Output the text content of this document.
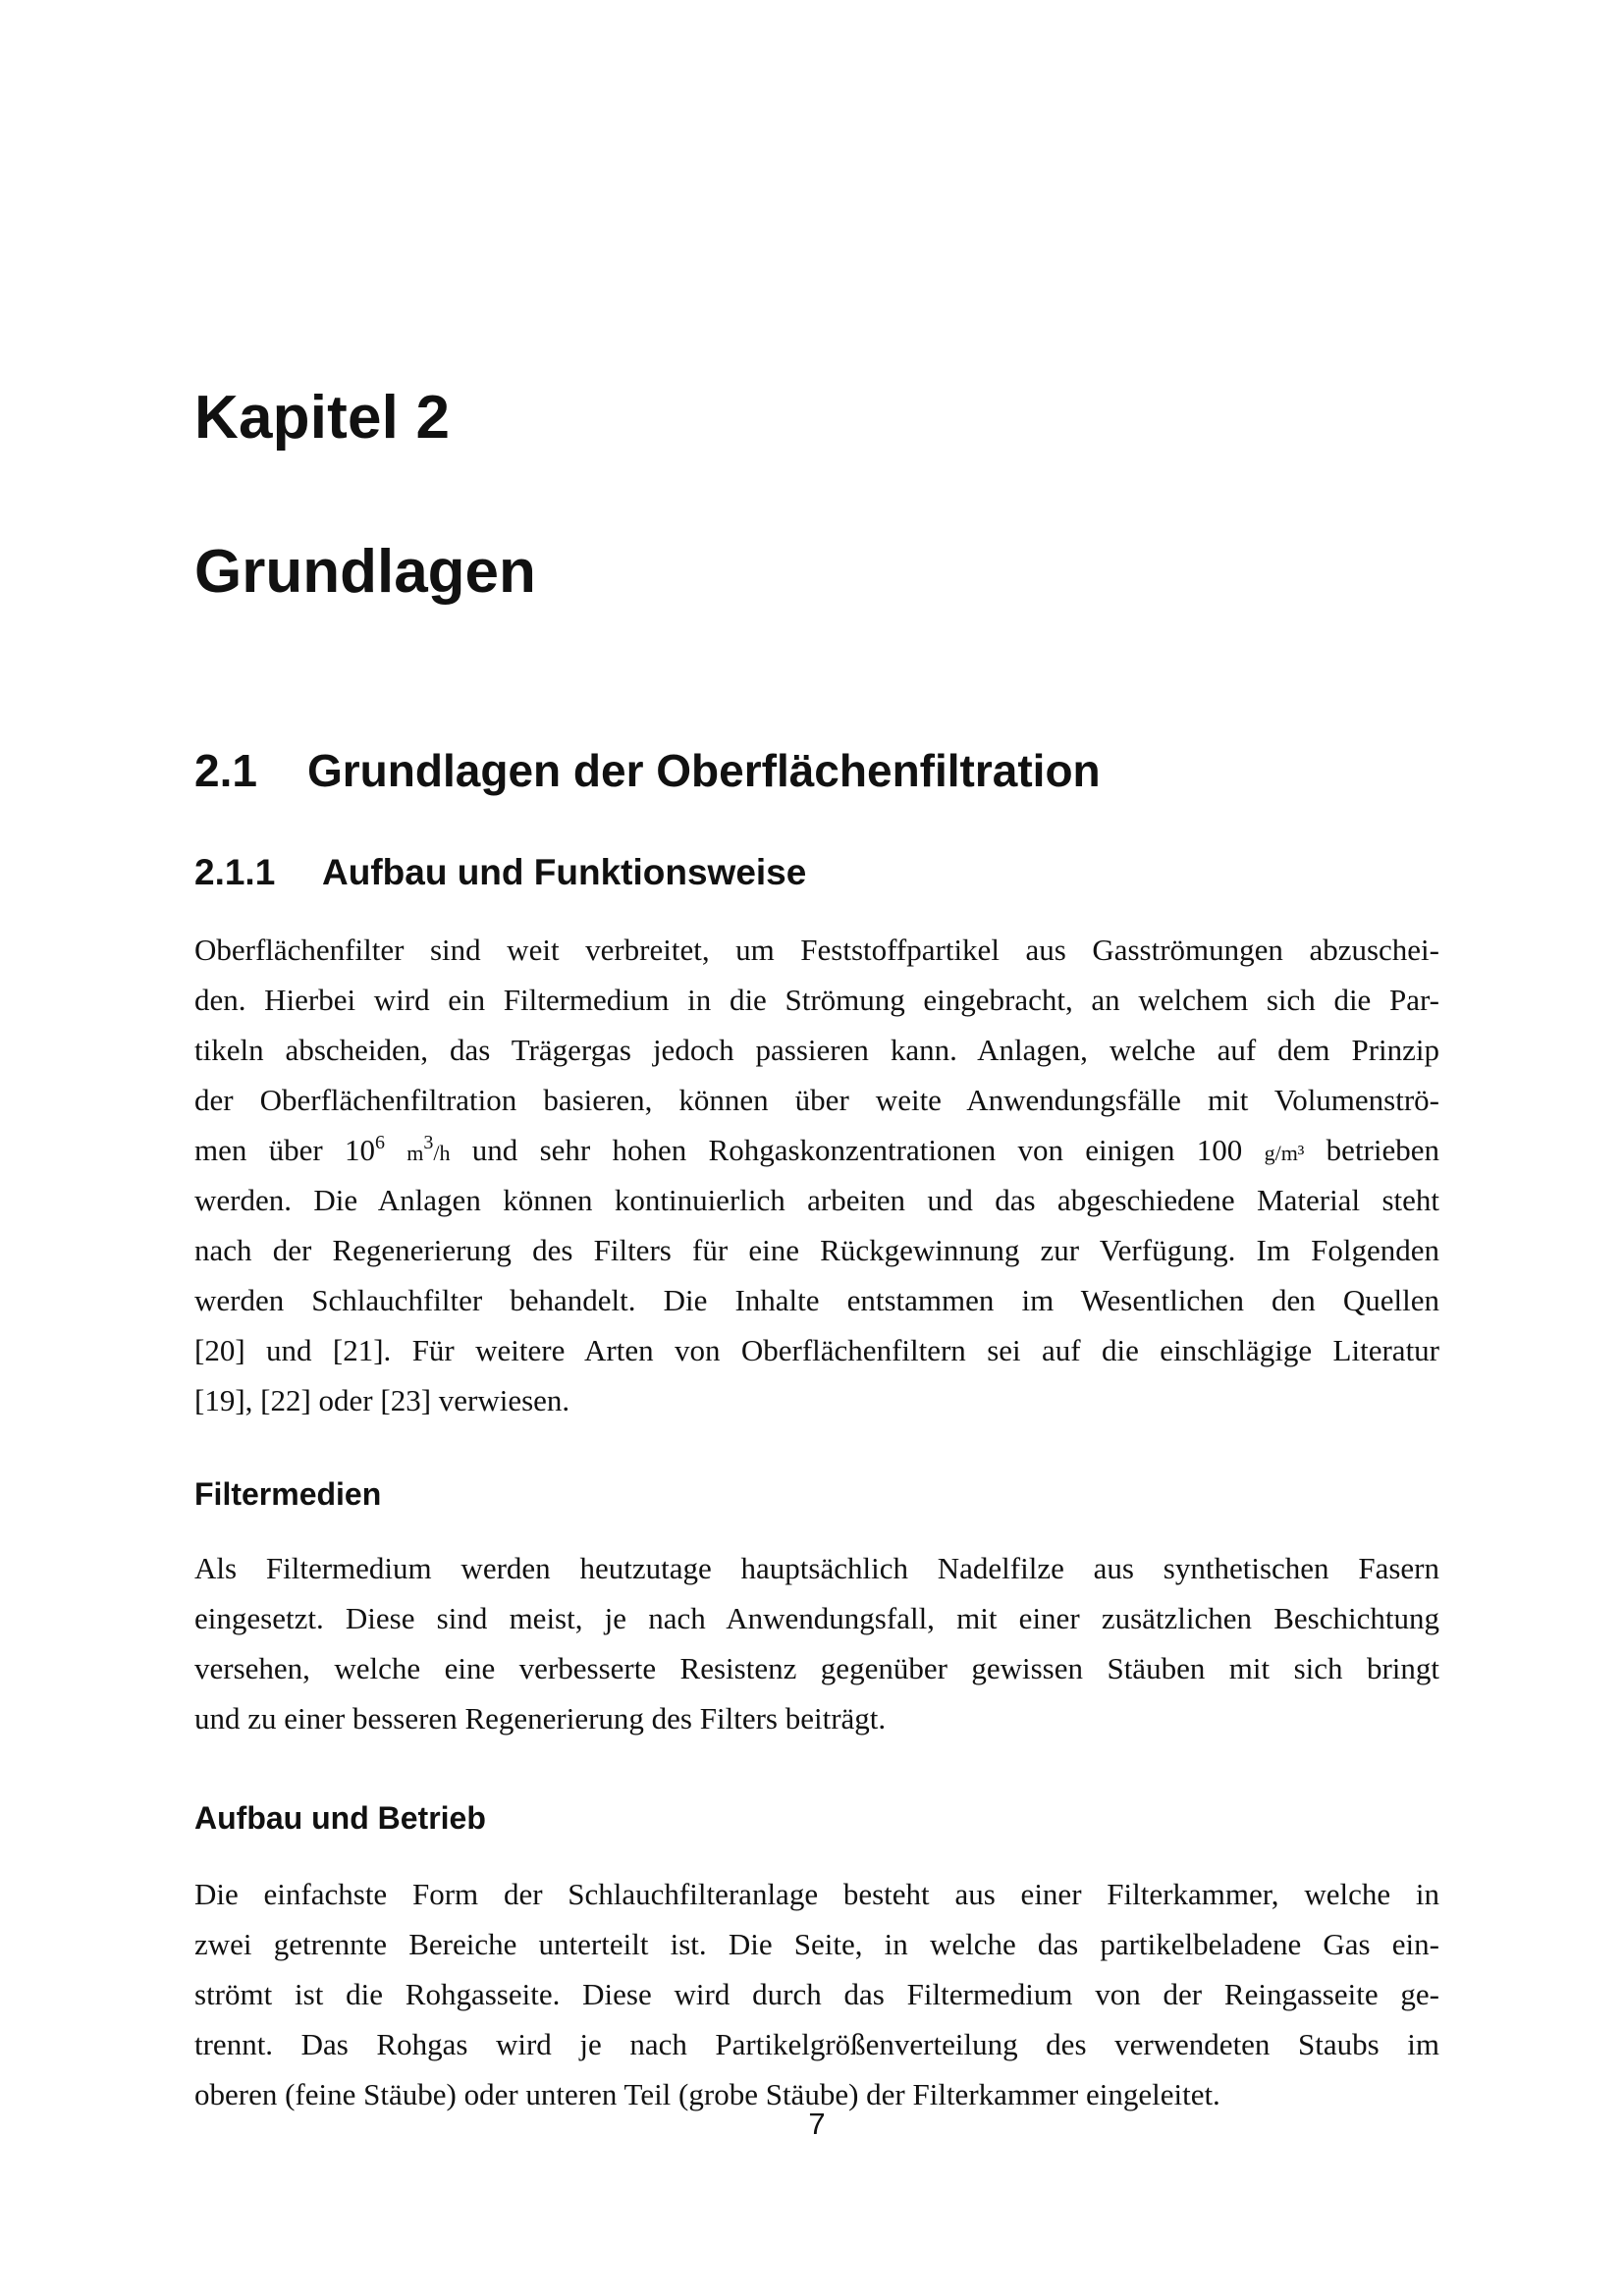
Kapitel 2
Grundlagen
2.1 Grundlagen der Oberflächenfiltration
2.1.1 Aufbau und Funktionsweise
Oberflächenfilter sind weit verbreitet, um Feststoffpartikel aus Gasströmungen abzuschei-
den. Hierbei wird ein Filtermedium in die Strömung eingebracht, an welchem sich die Par-
tikeln abscheiden, das Trägergas jedoch passieren kann. Anlagen, welche auf dem Prinzip
der Oberflächenfiltration basieren, können über weite Anwendungsfälle mit Volumenströ-
men über $10^6$ $m^3/h$ und sehr hohen Rohgaskonzentrationen von einigen 100 g/m³ betrieben
werden. Die Anlagen können kontinuierlich arbeiten und das abgeschiedene Material steht
nach der Regenerierung des Filters für eine Rückgewinnung zur Verfügung. Im Folgenden
werden Schlauchfilter behandelt. Die Inhalte entstammen im Wesentlichen den Quellen
[20] und [21]. Für weitere Arten von Oberflächenfiltern sei auf die einschlägige Literatur
[19], [22] oder [23] verwiesen.
Filtermedien
Als Filtermedium werden heutzutage hauptsächlich Nadelfilze aus synthetischen Fasern
eingesetzt. Diese sind meist, je nach Anwendungsfall, mit einer zusätzlichen Beschichtung
versehen, welche eine verbesserte Resistenz gegenüber gewissen Stäuben mit sich bringt
und zu einer besseren Regenerierung des Filters beiträgt.
Aufbau und Betrieb
Die einfachste Form der Schlauchfilteranlage besteht aus einer Filterkammer, welche in
zwei getrennte Bereiche unterteilt ist. Die Seite, in welche das partikelbeladene Gas ein-
strömt ist die Rohgasseite. Diese wird durch das Filtermedium von der Reingasseite ge-
trennt. Das Rohgas wird je nach Partikelgrößenverteilung des verwendeten Staubs im
oberen (feine Stäube) oder unteren Teil (grobe Stäube) der Filterkammer eingeleitet.
7
